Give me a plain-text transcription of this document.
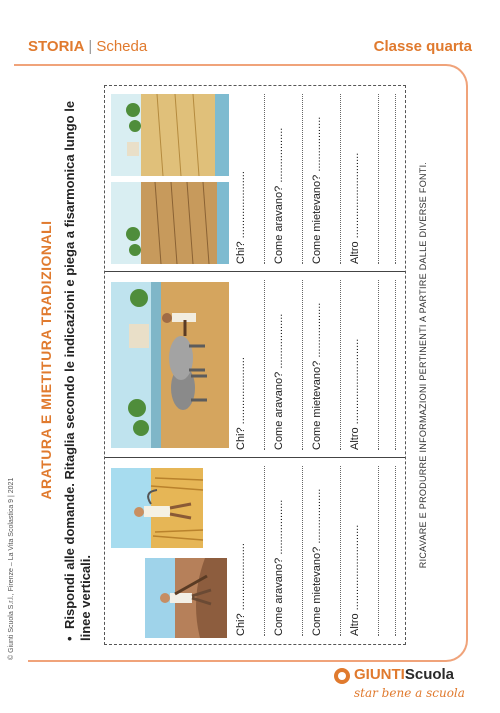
STORIA | Scheda	Classe quarta
© Giunti Scuola S.r.l., Firenze – La Vita Scolastica 9 | 2021
ARATURA E MIETITURA TRADIZIONALI
•Rispondi alle domande. Ritaglia secondo le indicazioni e piega a fisarmonica lungo le linee verticali.	Chi? ...................... Come aravano? .................. Come mietevano? .................. Altro ............................
Chi? ...................... Come aravano? .................. Come mietevano? .................. Altro ............................
Chi? ...................... Come aravano? .................. Come mietevano? .................. Altro ............................	RICAVARE E PRODURRE INFORMAZIONI PERTINENTI A PARTIRE DALLE DIVERSE FONTI.
GIUNTIScuola
star bene a scuola
